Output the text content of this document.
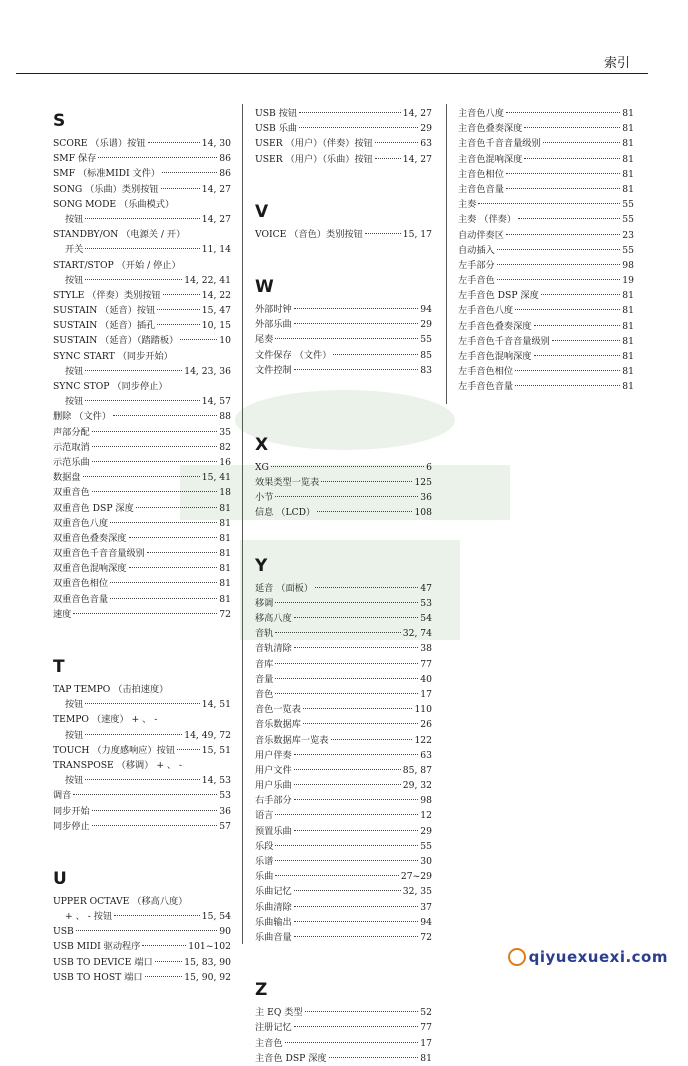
索引
S
SCORE （乐谱）按钮	14, 30
SMF 保存	86
SMF （标准MIDI 文件）	86
SONG （乐曲）类别按钮	14, 27
SONG MODE （乐曲模式）
按钮	14, 27
STANDBY/ON （电源关 / 开）
开关	11, 14
START/STOP （开始 / 停止）
按钮	14, 22, 41
STYLE （伴奏）类别按钮	14, 22
SUSTAIN （延音）按钮	15, 47
SUSTAIN （延音）插孔	10, 15
SUSTAIN （延音）（踏踏板）	10
SYNC START （同步开始）
按钮	14, 23, 36
SYNC STOP （同步停止）
按钮	14, 57
删除 （文件）	88
声部分配	35
示范取消	82
示范乐曲	16
数据盘	15, 41
双重音色	18
双重音色 DSP 深度	81
双重音色八度	81
双重音色叠奏深度	81
双重音色千音音量级别	81
双重音色混响深度	81
双重音色相位	81
双重音色音量	81
速度	72
T
TAP TEMPO （击拍速度）
按钮	14, 51
TEMPO （速度） + 、 -
按钮	14, 49, 72
TOUCH （力度感响应）按钮	15, 51
TRANSPOSE （移调） + 、 -
按钮	14, 53
调音	53
同步开始	36
同步停止	57
U
UPPER OCTAVE （移高八度）
+ 、 - 按钮	15, 54
USB	90
USB MIDI 驱动程序	101~102
USB TO DEVICE 端口	15, 83, 90
USB TO HOST 端口	15, 90, 92
USB 按钮	14, 27
USB 乐曲	29
USER （用户）（伴奏）按钮	63
USER （用户）（乐曲）按钮	14, 27
V
VOICE （音色）类别按钮	15, 17
W
外部时钟	94
外部乐曲	29
尾奏	55
文件保存 （文件）	85
文件控制	83
X
XG	6
效果类型一览表	125
小节	36
信息 （LCD）	108
Y
延音 （面板）	47
移调	53
移高八度	54
音轨	32, 74
音轨清除	38
音库	77
音量	40
音色	17
音色一览表	110
音乐数据库	26
音乐数据库一览表	122
用户伴奏	63
用户文件	85, 87
用户乐曲	29, 32
右手部分	98
语言	12
预置乐曲	29
乐段	55
乐谱	30
乐曲	27~29
乐曲记忆	32, 35
乐曲清除	37
乐曲输出	94
乐曲音量	72
Z
主 EQ 类型	52
注册记忆	77
主音色	17
主音色 DSP 深度	81
主音色八度	81
主音色叠奏深度	81
主音色千音音量级别	81
主音色混响深度	81
主音色相位	81
主音色音量	81
主奏	55
主奏 （伴奏）	55
自动伴奏区	23
自动插入	55
左手部分	98
左手音色	19
左手音色 DSP 深度	81
左手音色八度	81
左手音色叠奏深度	81
左手音色千音音量级别	81
左手音色混响深度	81
左手音色相位	81
左手音色音量	81
qiyuexuexi.com
